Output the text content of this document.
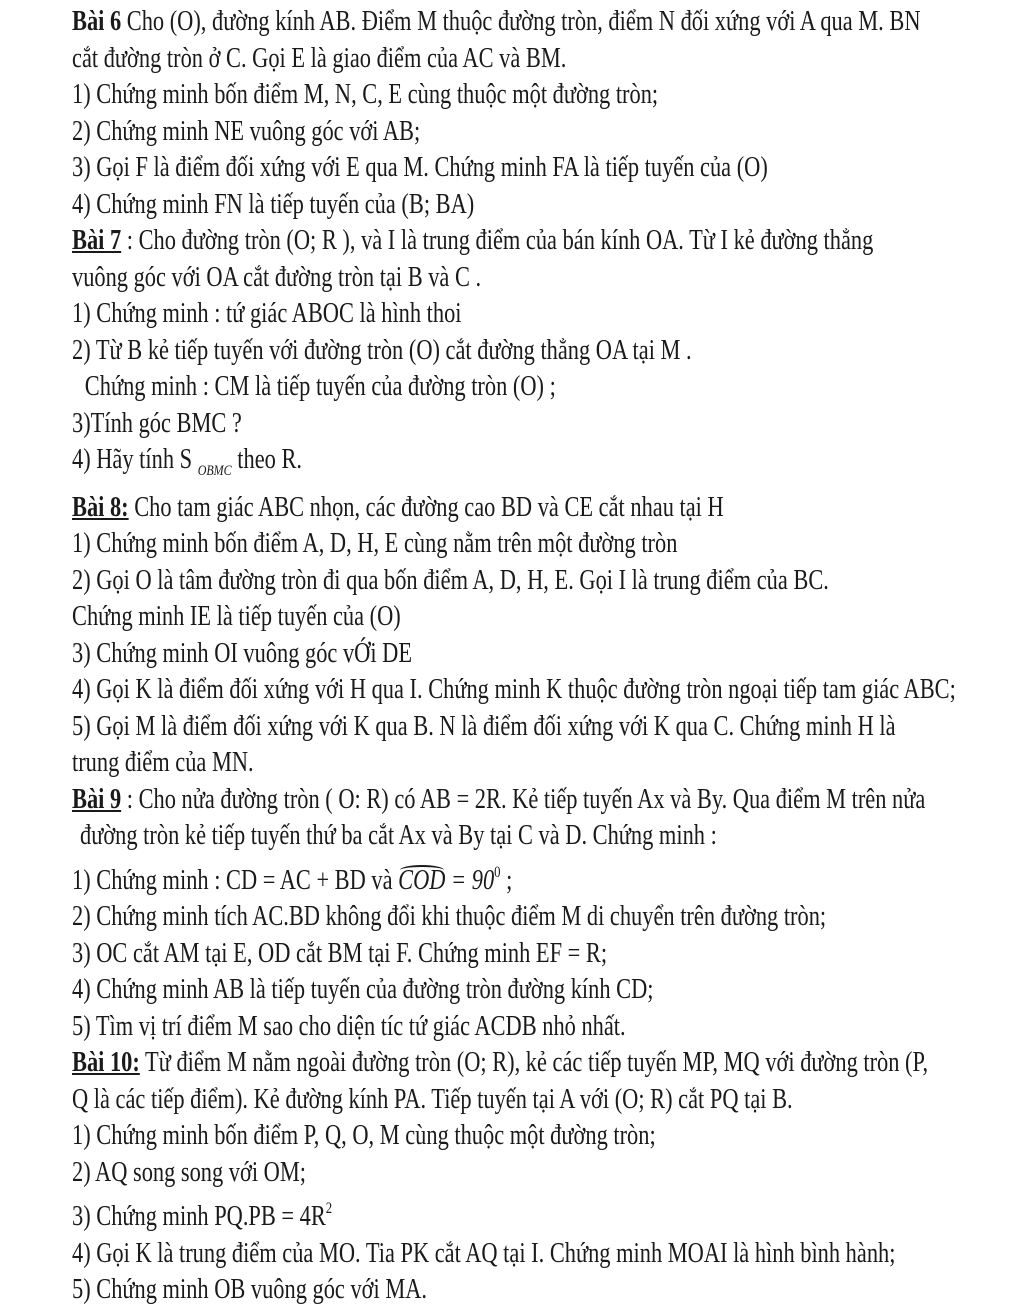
Bài 6 Cho (O), đường kính AB. Điểm M thuộc đường tròn, điểm N đối xứng với A qua M. BN
cắt đường tròn ở C. Gọi E là giao điểm của AC và BM.
1) Chứng minh bốn điểm M, N, C, E cùng thuộc một đường tròn;
2) Chứng minh NE vuông góc với AB;
3) Gọi F là điểm đối xứng với E qua M. Chứng minh FA là tiếp tuyến của (O)
4) Chứng minh FN là tiếp tuyến của (B; BA)
Bài 7 : Cho đường tròn (O; R ), và I là trung điểm của bán kính OA. Từ I kẻ đường thẳng
vuông góc với OA cắt đường tròn tại B và C .
1) Chứng minh : tứ giác ABOC là hình thoi
2) Từ B kẻ tiếp tuyến với đường tròn (O) cắt đường thẳng OA tại M .
Chứng minh : CM là tiếp tuyến của đường tròn (O) ;
3)Tính góc BMC ?
4) Hãy tính S $_{OBMC}$ theo R.
Bài 8: Cho tam giác ABC nhọn, các đường cao BD và CE cắt nhau tại H
1) Chứng minh bốn điểm A, D, H, E cùng nằm trên một đường tròn
2) Gọi O là tâm đường tròn đi qua bốn điểm A, D, H, E. Gọi I là trung điểm của BC.
Chứng minh IE là tiếp tuyến của (O)
3) Chứng minh OI vuông góc vỚi DE
4) Gọi K là điểm đối xứng với H qua I. Chứng minh K thuộc đường tròn ngoại tiếp tam giác ABC;
5) Gọi M là điểm đối xứng với K qua B. N là điểm đối xứng với K qua C. Chứng minh H là
trung điểm của MN.
Bài 9 : Cho nửa đường tròn ( O: R) có AB = 2R. Kẻ tiếp tuyến Ax và By. Qua điểm M trên nửa
đường tròn kẻ tiếp tuyến thứ ba cắt Ax và By tại C và D. Chứng minh :
1) Chứng minh : CD = AC + BD và COD = $90^0$ ;
2) Chứng minh tích AC.BD không đổi khi thuộc điểm M di chuyển trên đường tròn;
3) OC cắt AM tại E, OD cắt BM tại F. Chứng minh EF = R;
4) Chứng minh AB là tiếp tuyến của đường tròn đường kính CD;
5) Tìm vị trí điểm M sao cho diện tíc tứ giác ACDB nhỏ nhất.
Bài 10: Từ điểm M nằm ngoài đường tròn (O; R), kẻ các tiếp tuyến MP, MQ với đường tròn (P,
Q là các tiếp điểm). Kẻ đường kính PA. Tiếp tuyến tại A với (O; R) cắt PQ tại B.
1) Chứng minh bốn điểm P, Q, O, M cùng thuộc một đường tròn;
2) AQ song song với OM;
3) Chứng minh $PQ.PB = 4R^2$
4) Gọi K là trung điểm của MO. Tia PK cắt AQ tại I. Chứng minh MOAI là hình bình hành;
5) Chứng minh OB vuông góc với MA.
